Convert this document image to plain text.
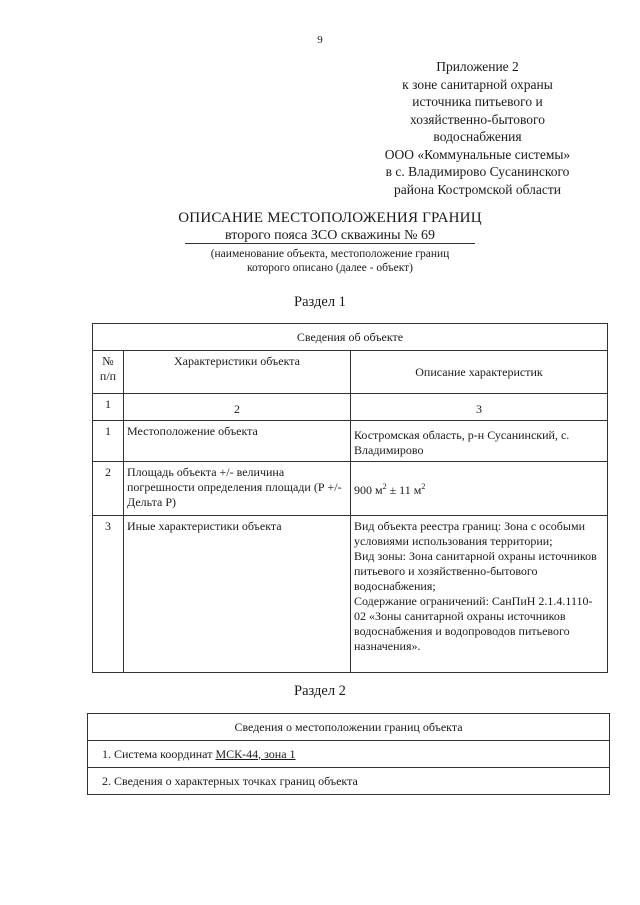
9
Приложение 2
к зоне санитарной охраны
источника питьевого и
хозяйственно-бытового
водоснабжения
ООО «Коммунальные системы»
в с. Владимирово Сусанинского
района Костромской области
ОПИСАНИЕ МЕСТОПОЛОЖЕНИЯ ГРАНИЦ
второго пояса ЗСО скважины № 69
(наименование объекта, местоположение границ
которого описано (далее - объект)
Раздел 1
Сведения об объекте		
№ п/п	Характеристики объекта	Описание характеристик
1	2	3
1	Местоположение объекта	Костромская область, р-н Сусанинский, с. Владимирово
2	Площадь объекта +/- величина погрешности определения площади (Р +/- Дельта Р)	900 $м^2 \pm 11$ $м^2$
3	Иные характеристики объекта	Вид объекта реестра границ: Зона с особыми условиями использования территории;
Вид зоны: Зона санитарной охраны источников питьевого и хозяйственно-бытового водоснабжения;
Содержание ограничений: СанПиН 2.1.4.1110-02 «Зоны санитарной охраны источников водоснабжения и водопроводов питьевого назначения».
Раздел 2
Сведения о местоположении границ объекта
1. Система координат МСК-44, зона 1
2. Сведения о характерных точках границ объекта
